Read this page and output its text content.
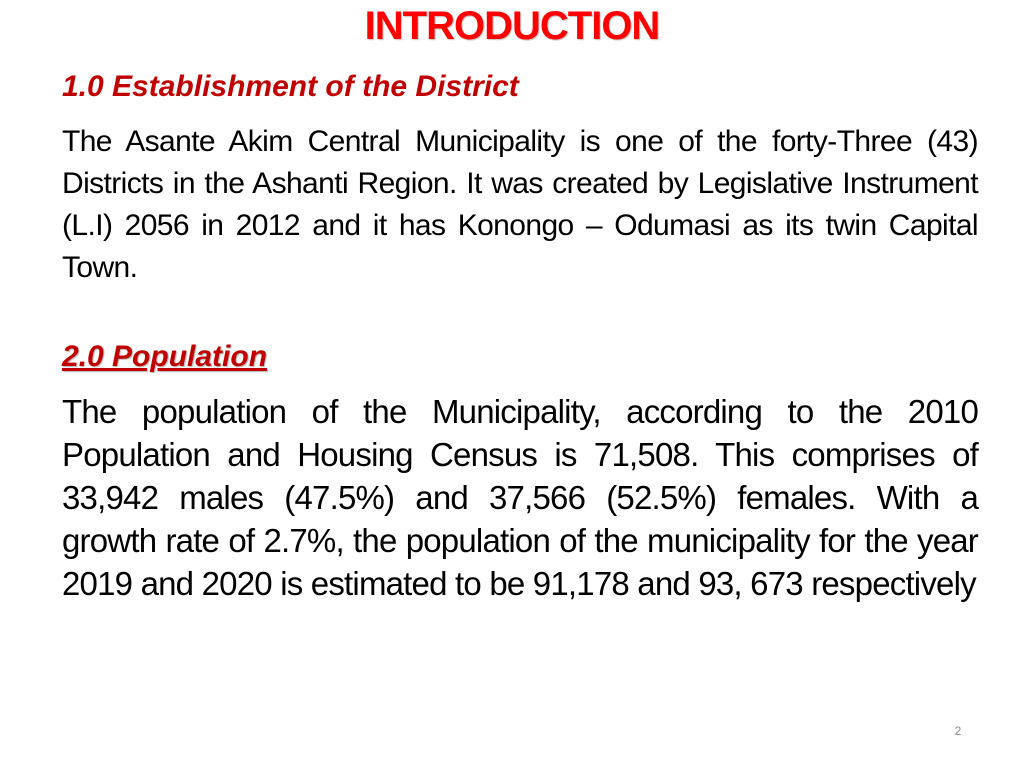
INTRODUCTION
1.0 Establishment of the District
The Asante Akim Central Municipality is one of the forty-Three (43) Districts in the Ashanti Region. It was created by Legislative Instrument (L.I) 2056 in 2012 and it has Konongo – Odumasi as its twin Capital Town.
2.0 Population
The population of the Municipality, according to the 2010 Population and Housing Census is 71,508. This comprises of 33,942 males (47.5%) and 37,566 (52.5%) females. With a growth rate of 2.7%, the population of the municipality for the year 2019 and 2020 is estimated to be 91,178 and 93, 673 respectively
2
